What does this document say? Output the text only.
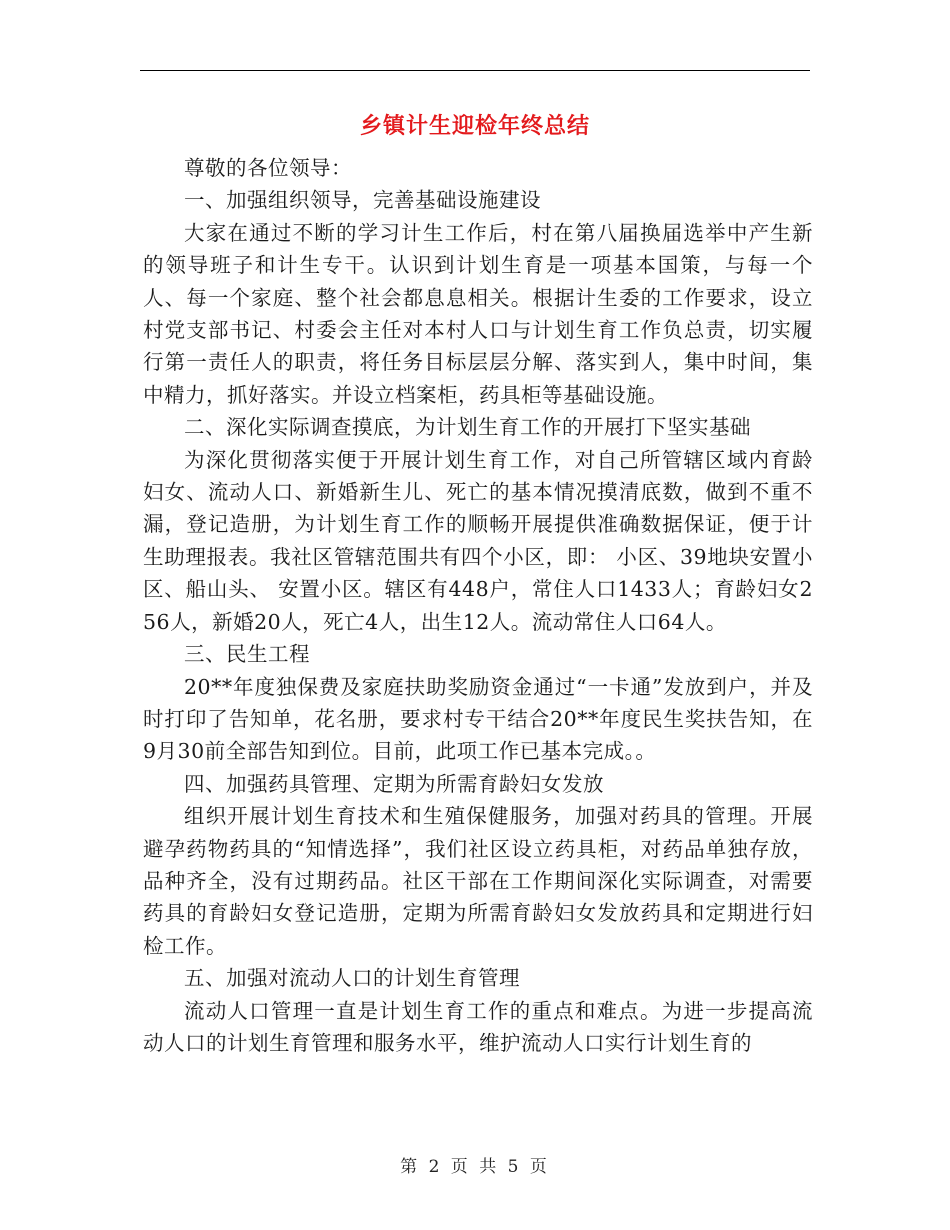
乡镇计生迎检年终总结

尊敬的各位领导：

一、加强组织领导，完善基础设施建设

大家在通过不断的学习计生工作后，村在第八届换届选举中产生新的领导班子和计生专干。认识到计划生育是一项基本国策，与每一个人、每一个家庭、整个社会都息息相关。根据计生委的工作要求，设立村党支部书记、村委会主任对本村人口与计划生育工作负总责，切实履行第一责任人的职责，将任务目标层层分解、落实到人，集中时间，集中精力，抓好落实。并设立档案柜，药具柜等基础设施。

二、深化实际调查摸底，为计划生育工作的开展打下坚实基础

为深化贯彻落实便于开展计划生育工作，对自己所管辖区域内育龄妇女、流动人口、新婚新生儿、死亡的基本情况摸清底数，做到不重不漏，登记造册，为计划生育工作的顺畅开展提供准确数据保证，便于计生助理报表。我社区管辖范围共有四个小区，即： 小区、39地块安置小区、船山头、 安置小区。辖区有448户，常住人口1433人；育龄妇女256人，新婚20人，死亡4人，出生12人。流动常住人口64人。

三、民生工程

20**年度独保费及家庭扶助奖励资金通过“一卡通”发放到户，并及时打印了告知单，花名册，要求村专干结合20**年度民生奖扶告知，在9月30前全部告知到位。目前，此项工作已基本完成。。

四、加强药具管理、定期为所需育龄妇女发放

组织开展计划生育技术和生殖保健服务，加强对药具的管理。开展避孕药物药具的“知情选择”，我们社区设立药具柜，对药品单独存放，品种齐全，没有过期药品。社区干部在工作期间深化实际调查，对需要药具的育龄妇女登记造册，定期为所需育龄妇女发放药具和定期进行妇检工作。

五、加强对流动人口的计划生育管理

流动人口管理一直是计划生育工作的重点和难点。为进一步提高流动人口的计划生育管理和服务水平，维护流动人口实行计划生育的

第 2 页 共 5 页
